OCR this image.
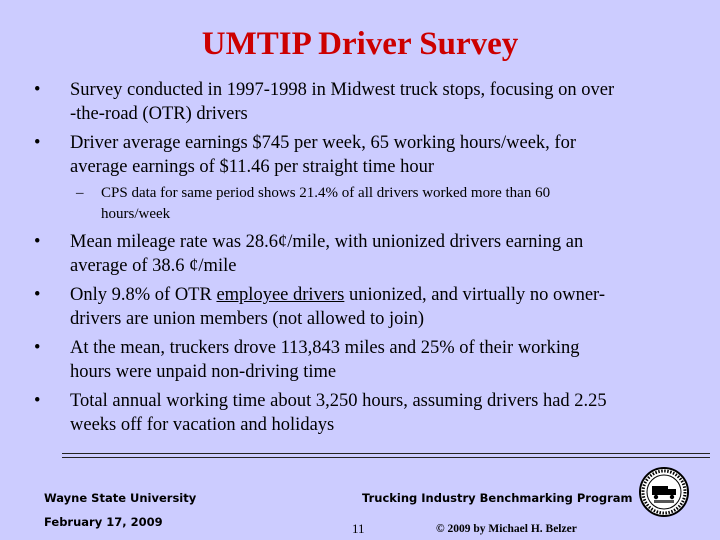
UMTIP Driver Survey
•	Survey conducted in 1997-1998 in Midwest truck stops, focusing on over
-the-road (OTR) drivers
•	Driver average earnings $745 per week, 65 working hours/week, for
average earnings of $11.46 per straight time hour
– CPS data for same period shows 21.4% of all drivers worked more than 60
hours/week
•	Mean mileage rate was 28.6¢/mile, with unionized drivers earning an
average of 38.6 ¢/mile
•	Only 9.8% of OTR employee drivers unionized, and virtually no owner-
drivers are union members (not allowed to join)
•	At the mean, truckers drove 113,843 miles and 25% of their working
hours were unpaid non-driving time
•	Total annual working time about 3,250 hours, assuming drivers had 2.25
weeks off for vacation and holidays
Wayne State University
February 17, 2009
Trucking Industry Benchmarking Program
11	© 2009 by Michael H. Belzer
